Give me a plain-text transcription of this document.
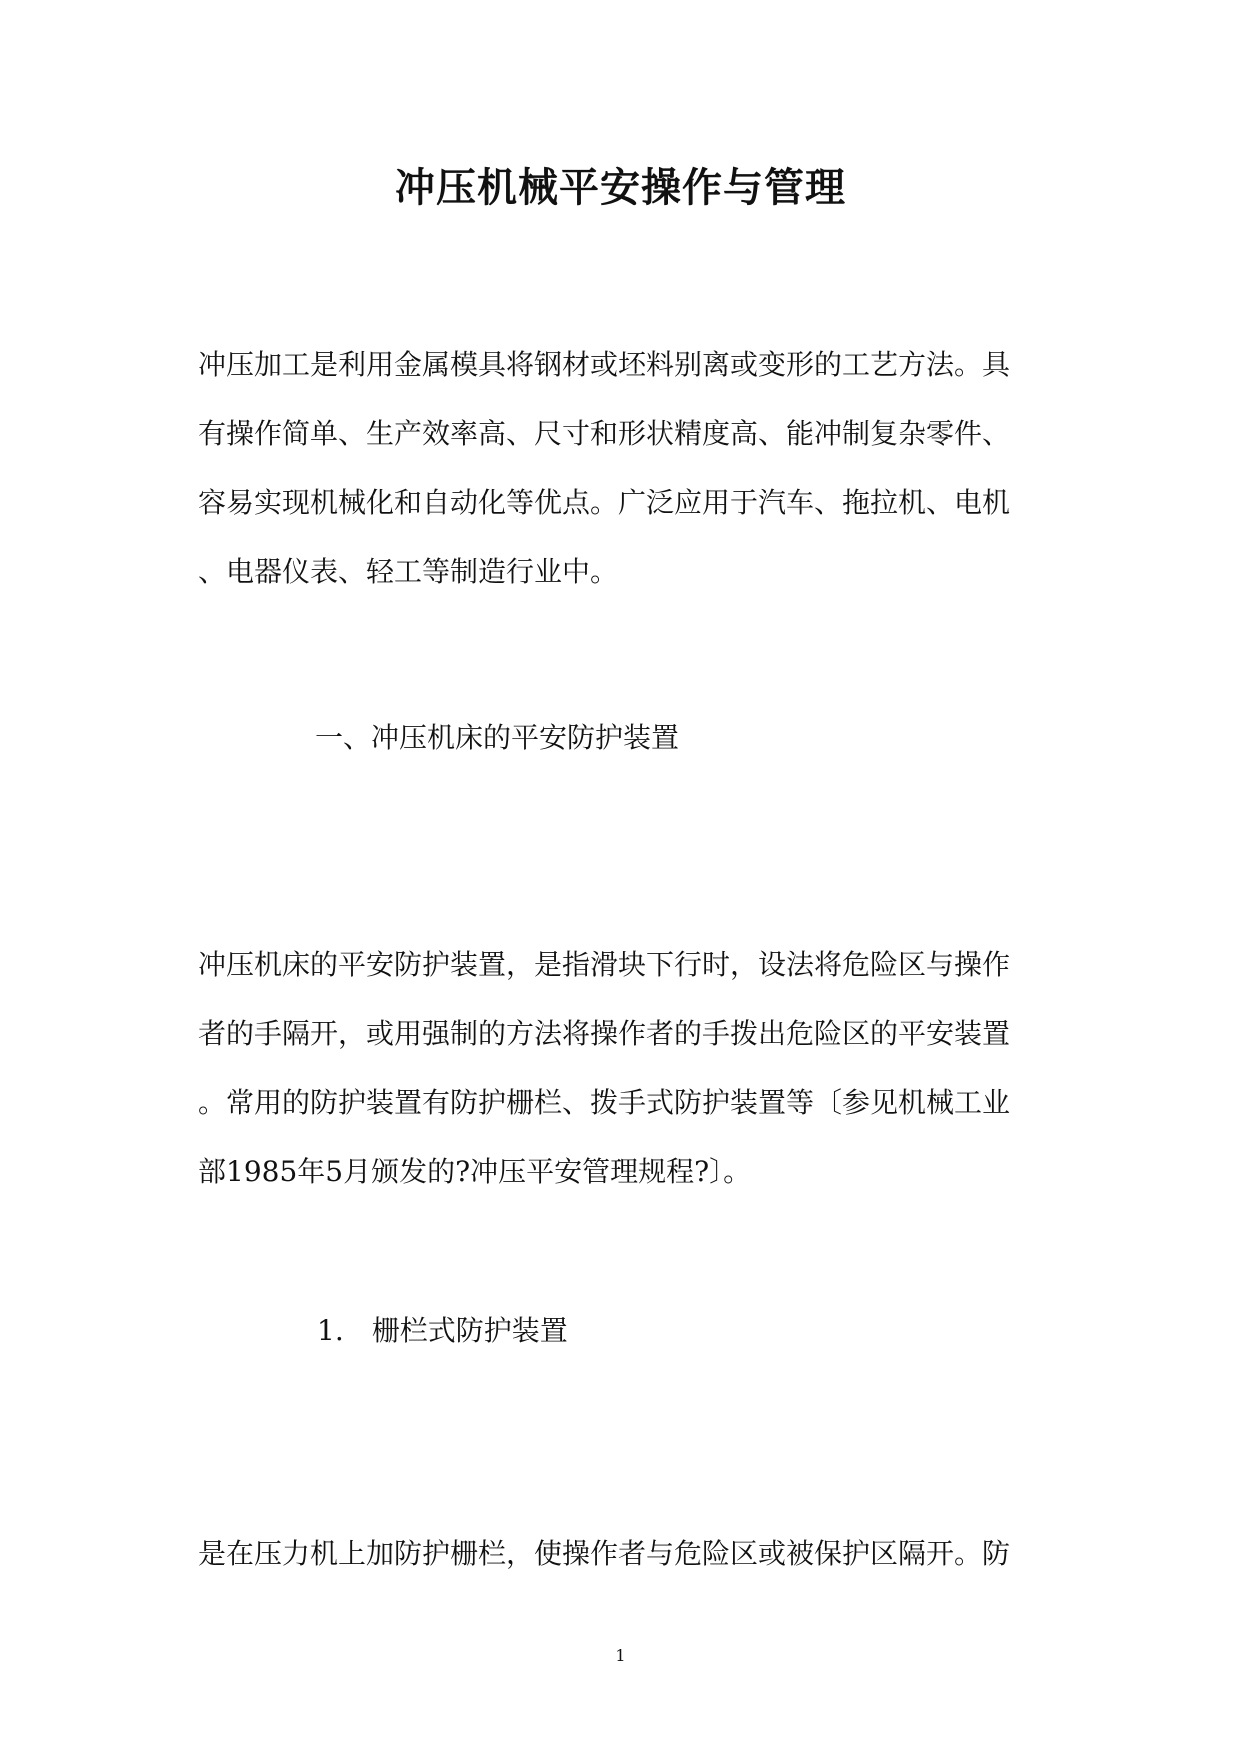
冲压机械平安操作与管理
冲压加工是利用金属模具将钢材或坯料别离或变形的工艺方法。具
有操作简单、生产效率高、尺寸和形状精度高、能冲制复杂零件、
容易实现机械化和自动化等优点。广泛应用于汽车、拖拉机、电机
、电器仪表、轻工等制造行业中。
一、冲压机床的平安防护装置
冲压机床的平安防护装置，是指滑块下行时，设法将危险区与操作
者的手隔开，或用强制的方法将操作者的手拨出危险区的平安装置
。常用的防护装置有防护栅栏、拨手式防护装置等〔参见机械工业
部1985年5月颁发的?冲压平安管理规程?〕。
1.　栅栏式防护装置
是在压力机上加防护栅栏，使操作者与危险区或被保护区隔开。防
1
